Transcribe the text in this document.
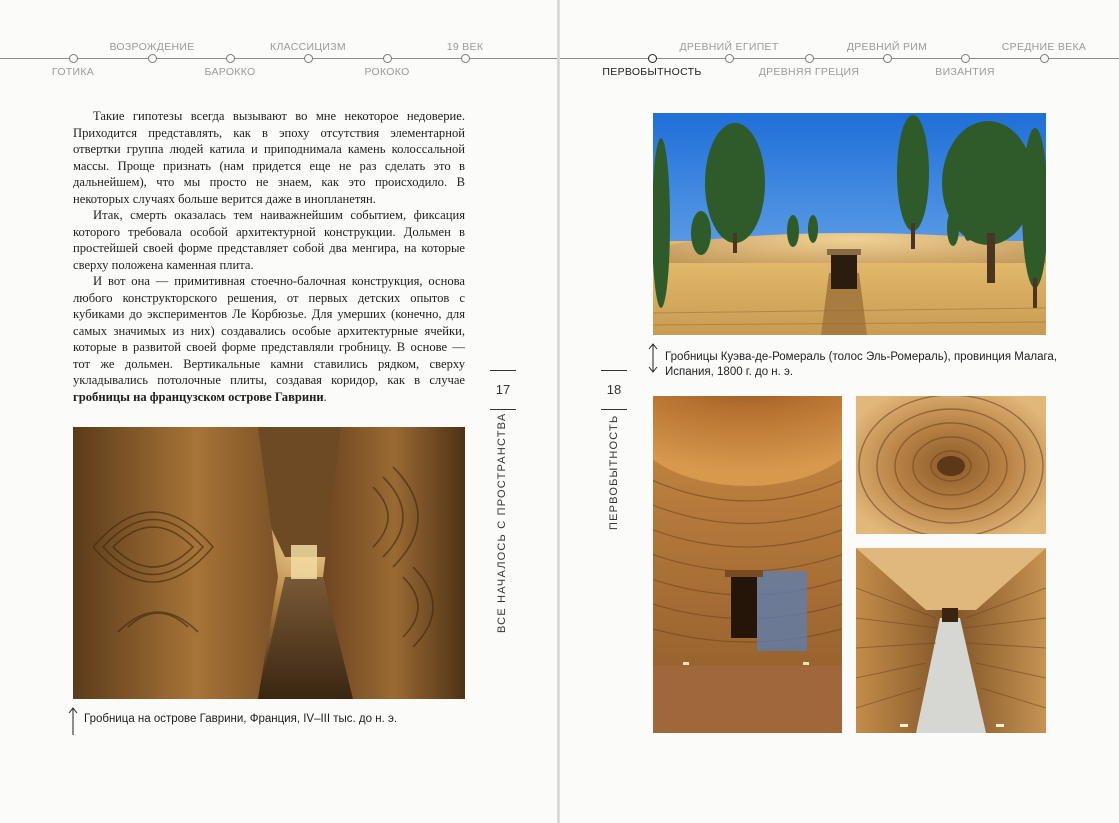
ГОТИКА
ВОЗРОЖДЕНИЕ
БАРОККО
КЛАССИЦИЗМ
РОКОКО
19 ВЕК

Такие гипотезы всегда вызывают во мне некоторое недоверие. Приходится представлять, как в эпоху отсутствия элементарной отвертки группа людей катила и приподнимала камень колоссальной массы. Проще признать (нам придется еще не раз сделать это в дальнейшем), что мы просто не знаем, как это происходило. В некоторых случаях больше верится даже в инопланетян.

Итак, смерть оказалась тем наиважнейшим событием, фиксация которого требовала особой архитектурной конструкции. Дольмен в простейшей своей форме представляет собой два менгира, на которые сверху положена каменная плита.

И вот она — примитивная стоечно-балочная конструкция, основа любого конструкторского решения, от первых детских опытов с кубиками до экспериментов Ле Корбюзье. Для умерших (конечно, для самых значимых из них) создавались особые архитектурные ячейки, которые в развитой своей форме представляли гробницу. В основе — тот же дольмен. Вертикальные камни ставились рядком, сверху укладывались потолочные плиты, создавая коридор, как в случае гробницы на французском острове Гаврини.	17
ВСЕ НАЧАЛОСЬ С ПРОСТРАНСТВА
Гробница на острове Гаврини, Франция, IV–III тыс. до н. э.
ПЕРВОБЫТНОСТЬ
ДРЕВНИЙ ЕГИПЕТ
ДРЕВНЯЯ ГРЕЦИЯ
ДРЕВНИЙ РИМ
ВИЗАНТИЯ
СРЕДНИЕ ВЕКА
18
ПЕРВОБЫТНОСТЬ
Гробницы Куэва-де-Ромераль (толос Эль-Ромераль), провинция Малага, Испания, 1800 г. до н. э.
